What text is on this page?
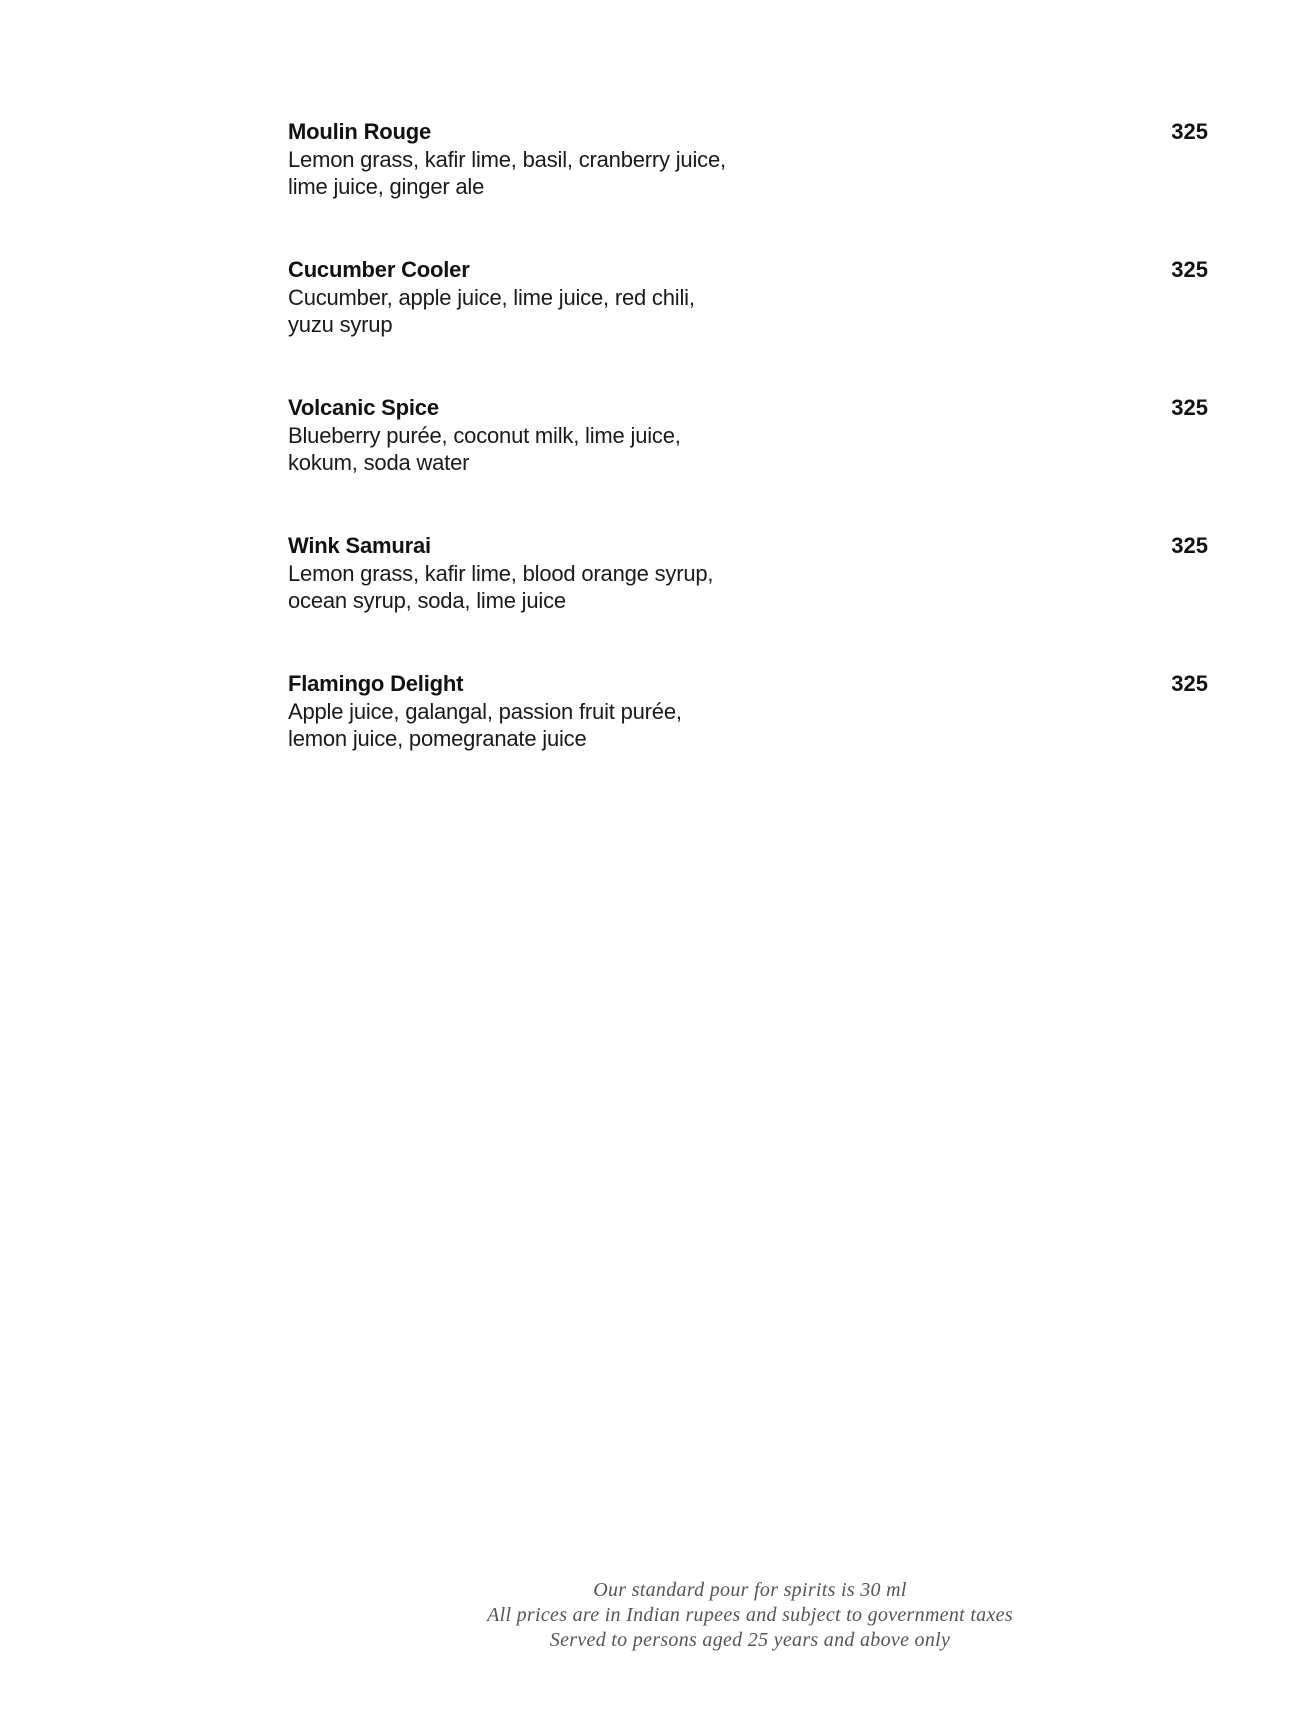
Moulin Rouge	325
Lemon grass, kafir lime, basil, cranberry juice,
lime juice, ginger ale
Cucumber Cooler	325
Cucumber, apple juice, lime juice, red chili,
yuzu syrup
Volcanic Spice	325
Blueberry purée, coconut milk, lime juice,
kokum, soda water
Wink Samurai	325
Lemon grass, kafir lime, blood orange syrup,
ocean syrup, soda, lime juice
Flamingo Delight	325
Apple juice, galangal, passion fruit purée,
lemon juice, pomegranate juice
Our standard pour for spirits is 30 ml
All prices are in Indian rupees and subject to government taxes
Served to persons aged 25 years and above only
